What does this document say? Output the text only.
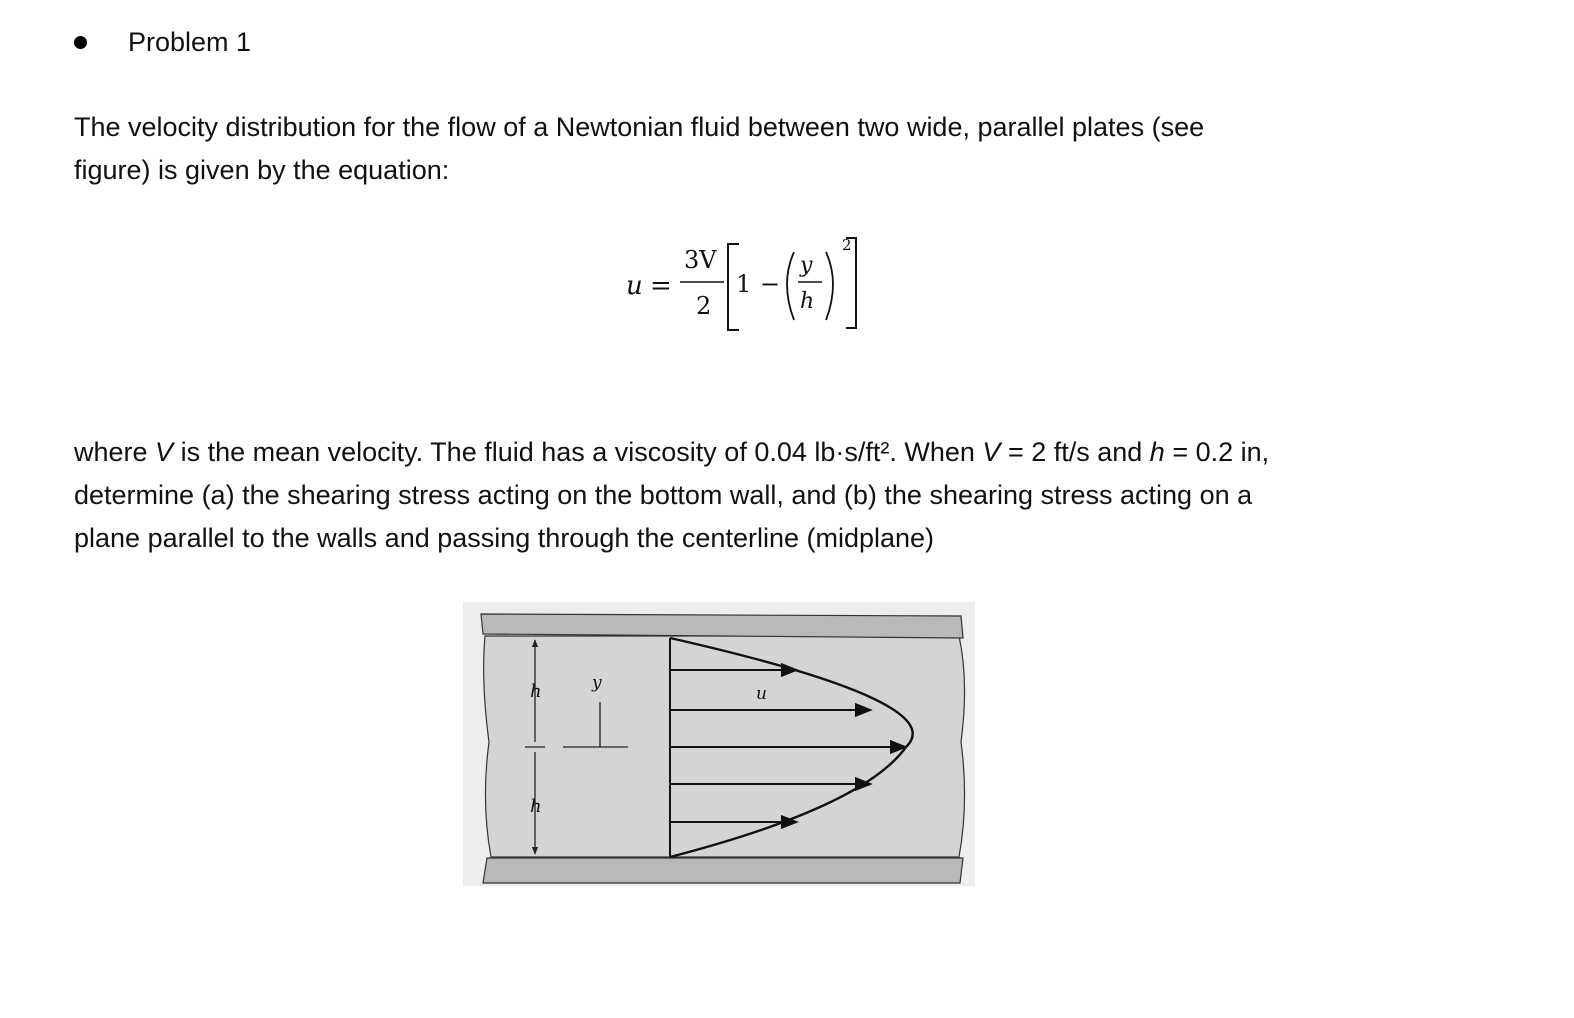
Problem 1
The velocity distribution for the flow of a Newtonian fluid between two wide, parallel plates (see
figure) is given by the equation:
u =
3V
2
1 −
y
h
2
where V is the mean velocity. The fluid has a viscosity of 0.04 lb·s/ft². When V = 2 ft/s and h = 0.2 in,
determine (a) the shearing stress acting on the bottom wall, and (b) the shearing stress acting on a
plane parallel to the walls and passing through the centerline (midplane)
h
h
y
u
